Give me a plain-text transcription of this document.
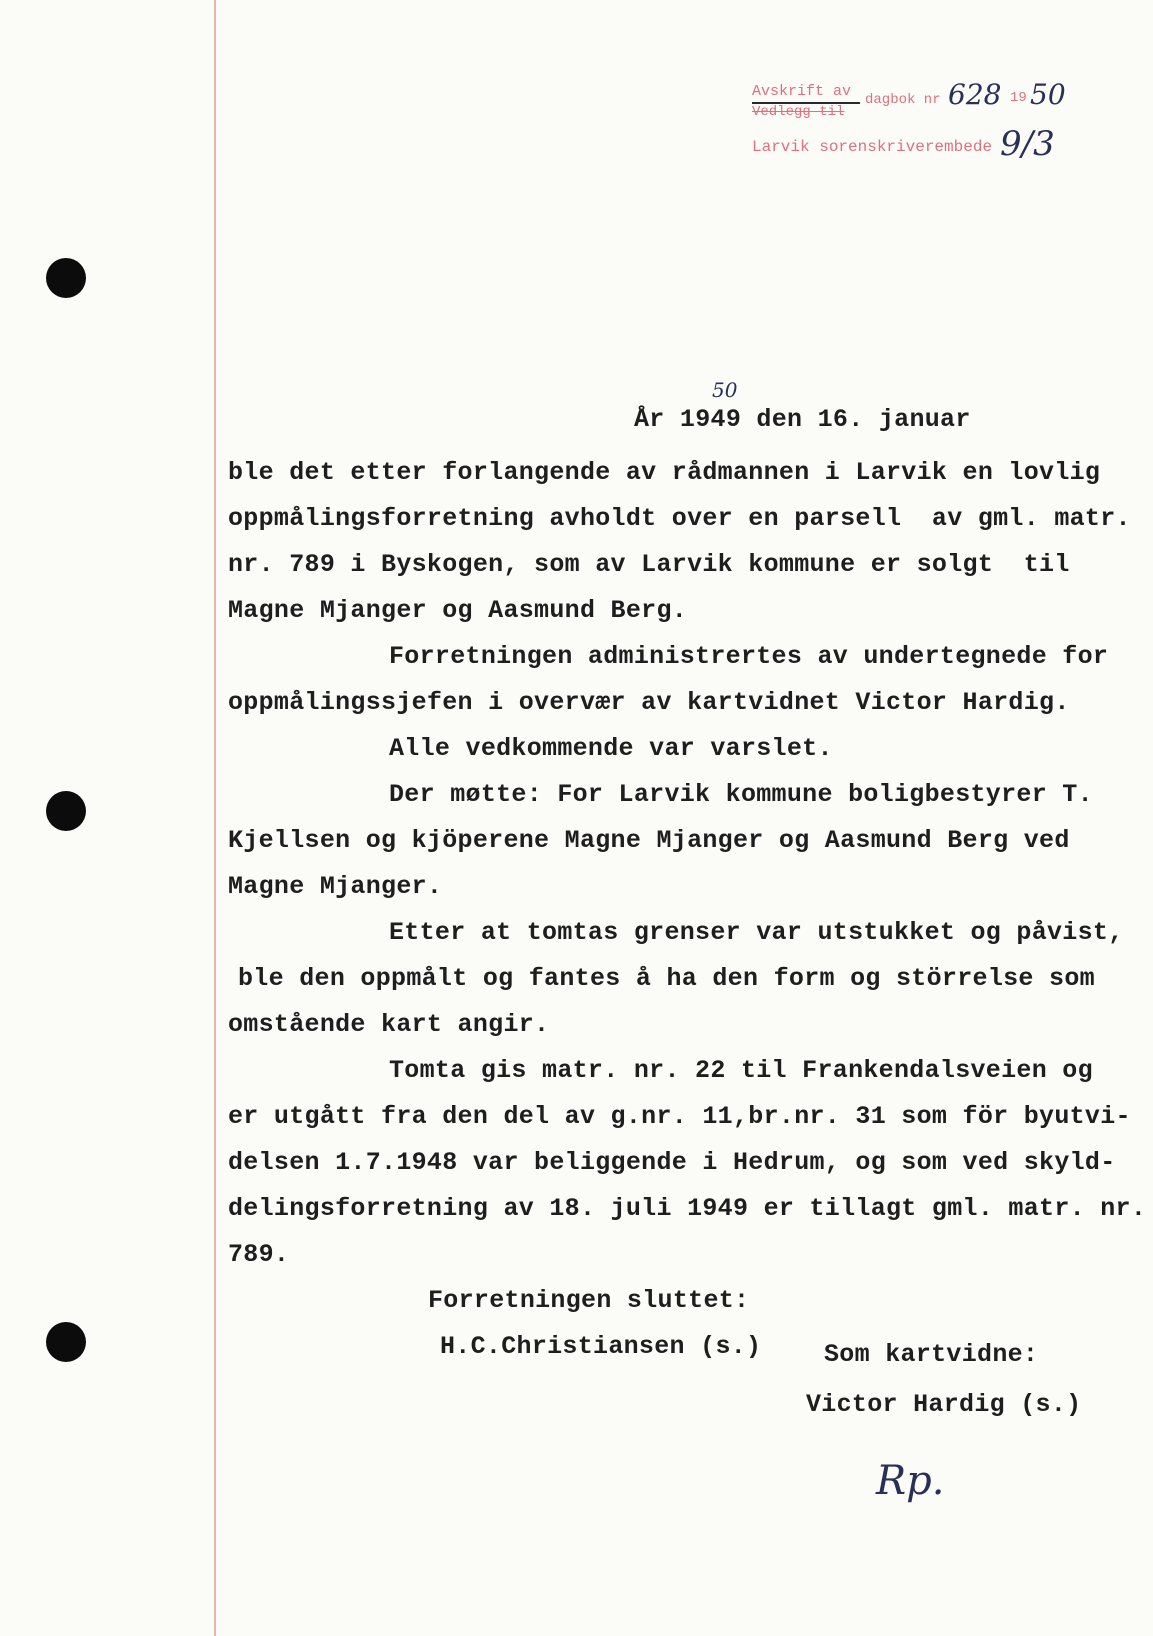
Avskrift av
Vedlegg til
dagbok nr 628 19 50
Larvik sorenskriverembede 9/3
50
År 1949 den 16. januar
ble det etter forlangende av rådmannen i Larvik en lovlig
oppmålingsforretning avholdt over en parsell  av gml. matr.
nr. 789 i Byskogen, som av Larvik kommune er solgt  til
Magne Mjanger og Aasmund Berg.
Forretningen administrertes av undertegnede for
oppmålingssjefen i overvær av kartvidnet Victor Hardig.
Alle vedkommende var varslet.
Der møtte: For Larvik kommune boligbestyrer T.
Kjellsen og kjöperene Magne Mjanger og Aasmund Berg ved
Magne Mjanger.
Etter at tomtas grenser var utstukket og påvist,
ble den oppmålt og fantes å ha den form og störrelse som
omstående kart angir.
Tomta gis matr. nr. 22 til Frankendalsveien og
er utgått fra den del av g.nr. 11,br.nr. 31 som för byutvi-
delsen 1.7.1948 var beliggende i Hedrum, og som ved skyld-
delingsforretning av 18. juli 1949 er tillagt gml. matr. nr.
789.
Forretningen sluttet:
H.C.Christiansen (s.)	Som kartvidne:
Victor Hardig (s.)
Rp.
